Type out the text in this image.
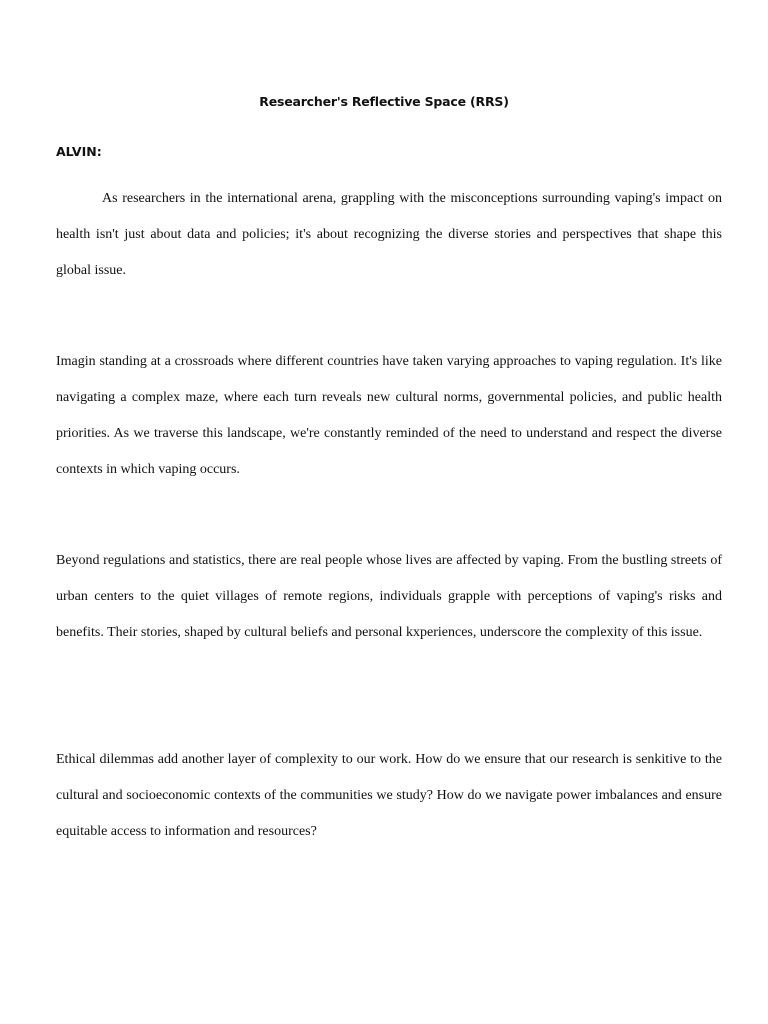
Researcher's Reflective Space (RRS)

ALVIN:

As researchers in the international arena, grappling with the misconceptions surrounding vaping's impact on health isn't just about data and policies; it's about recognizing the diverse stories and perspectives that shape this global issue.

Imagin standing at a crossroads where different countries have taken varying approaches to vaping regulation. It's like navigating a complex maze, where each turn reveals new cultural norms, governmental policies, and public health priorities. As we traverse this landscape, we're constantly reminded of the need to understand and respect the diverse contexts in which vaping occurs.

Beyond regulations and statistics, there are real people whose lives are affected by vaping. From the bustling streets of urban centers to the quiet villages of remote regions, individuals grapple with perceptions of vaping's risks and benefits. Their stories, shaped by cultural beliefs and personal kxperiences, underscore the complexity of this issue.

Ethical dilemmas add another layer of complexity to our work. How do we ensure that our research is senkitive to the cultural and socioeconomic contexts of the communities we study? How do we navigate power imbalances and ensure equitable access to information and resources?
